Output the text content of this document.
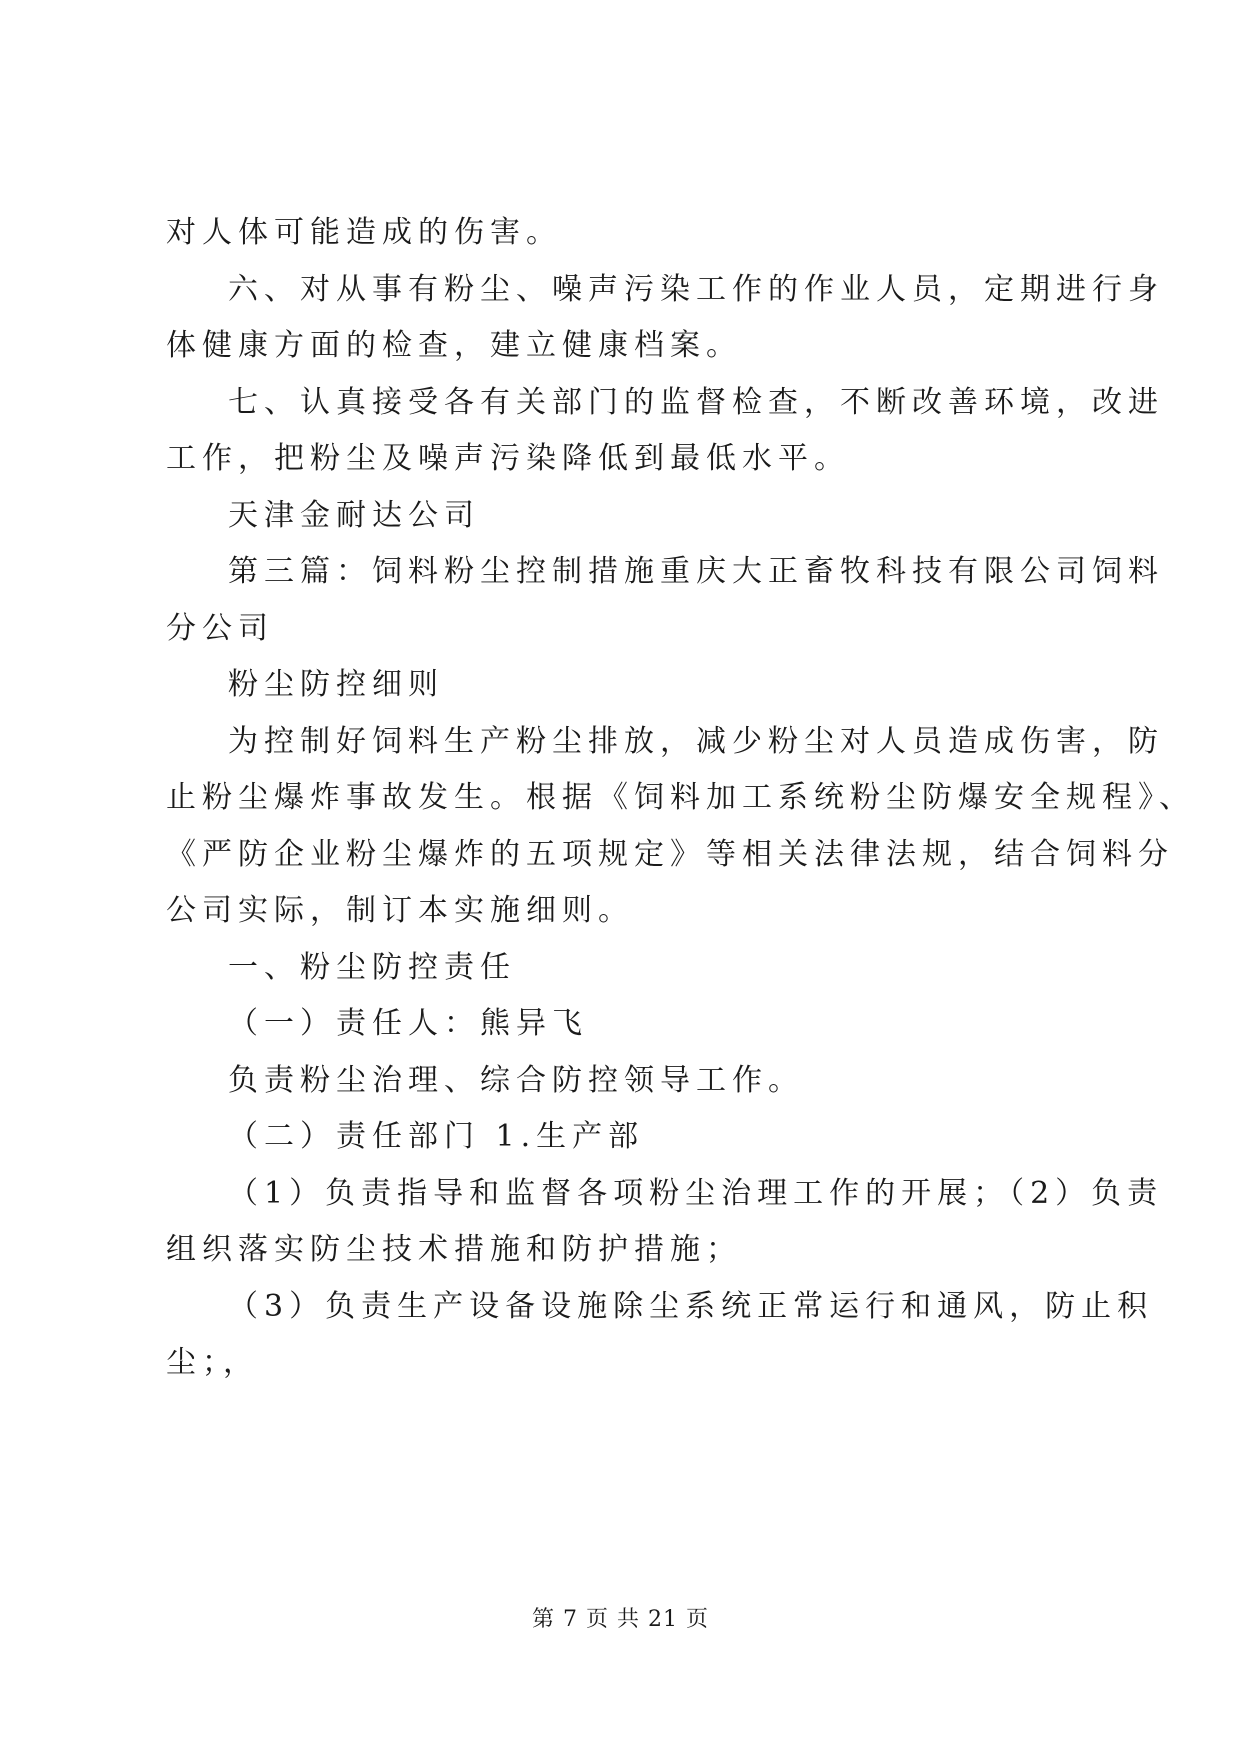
对人体可能造成的伤害。
六、对从事有粉尘、噪声污染工作的作业人员，定期进行身
体健康方面的检查，建立健康档案。
七、认真接受各有关部门的监督检查，不断改善环境，改进
工作，把粉尘及噪声污染降低到最低水平。
天津金耐达公司
第三篇：饲料粉尘控制措施重庆大正畜牧科技有限公司饲料
分公司
粉尘防控细则
为控制好饲料生产粉尘排放，减少粉尘对人员造成伤害，防
止粉尘爆炸事故发生。根据《饲料加工系统粉尘防爆安全规程》、
《严防企业粉尘爆炸的五项规定》等相关法律法规，结合饲料分
公司实际，制订本实施细则。
一、粉尘防控责任
（一）责任人：熊异飞
负责粉尘治理、综合防控领导工作。
（二）责任部门 1.生产部
（1）负责指导和监督各项粉尘治理工作的开展；（2）负责
组织落实防尘技术措施和防护措施；
（3）负责生产设备设施除尘系统正常运行和通风，防止积
尘；，
第 7 页 共 21 页
